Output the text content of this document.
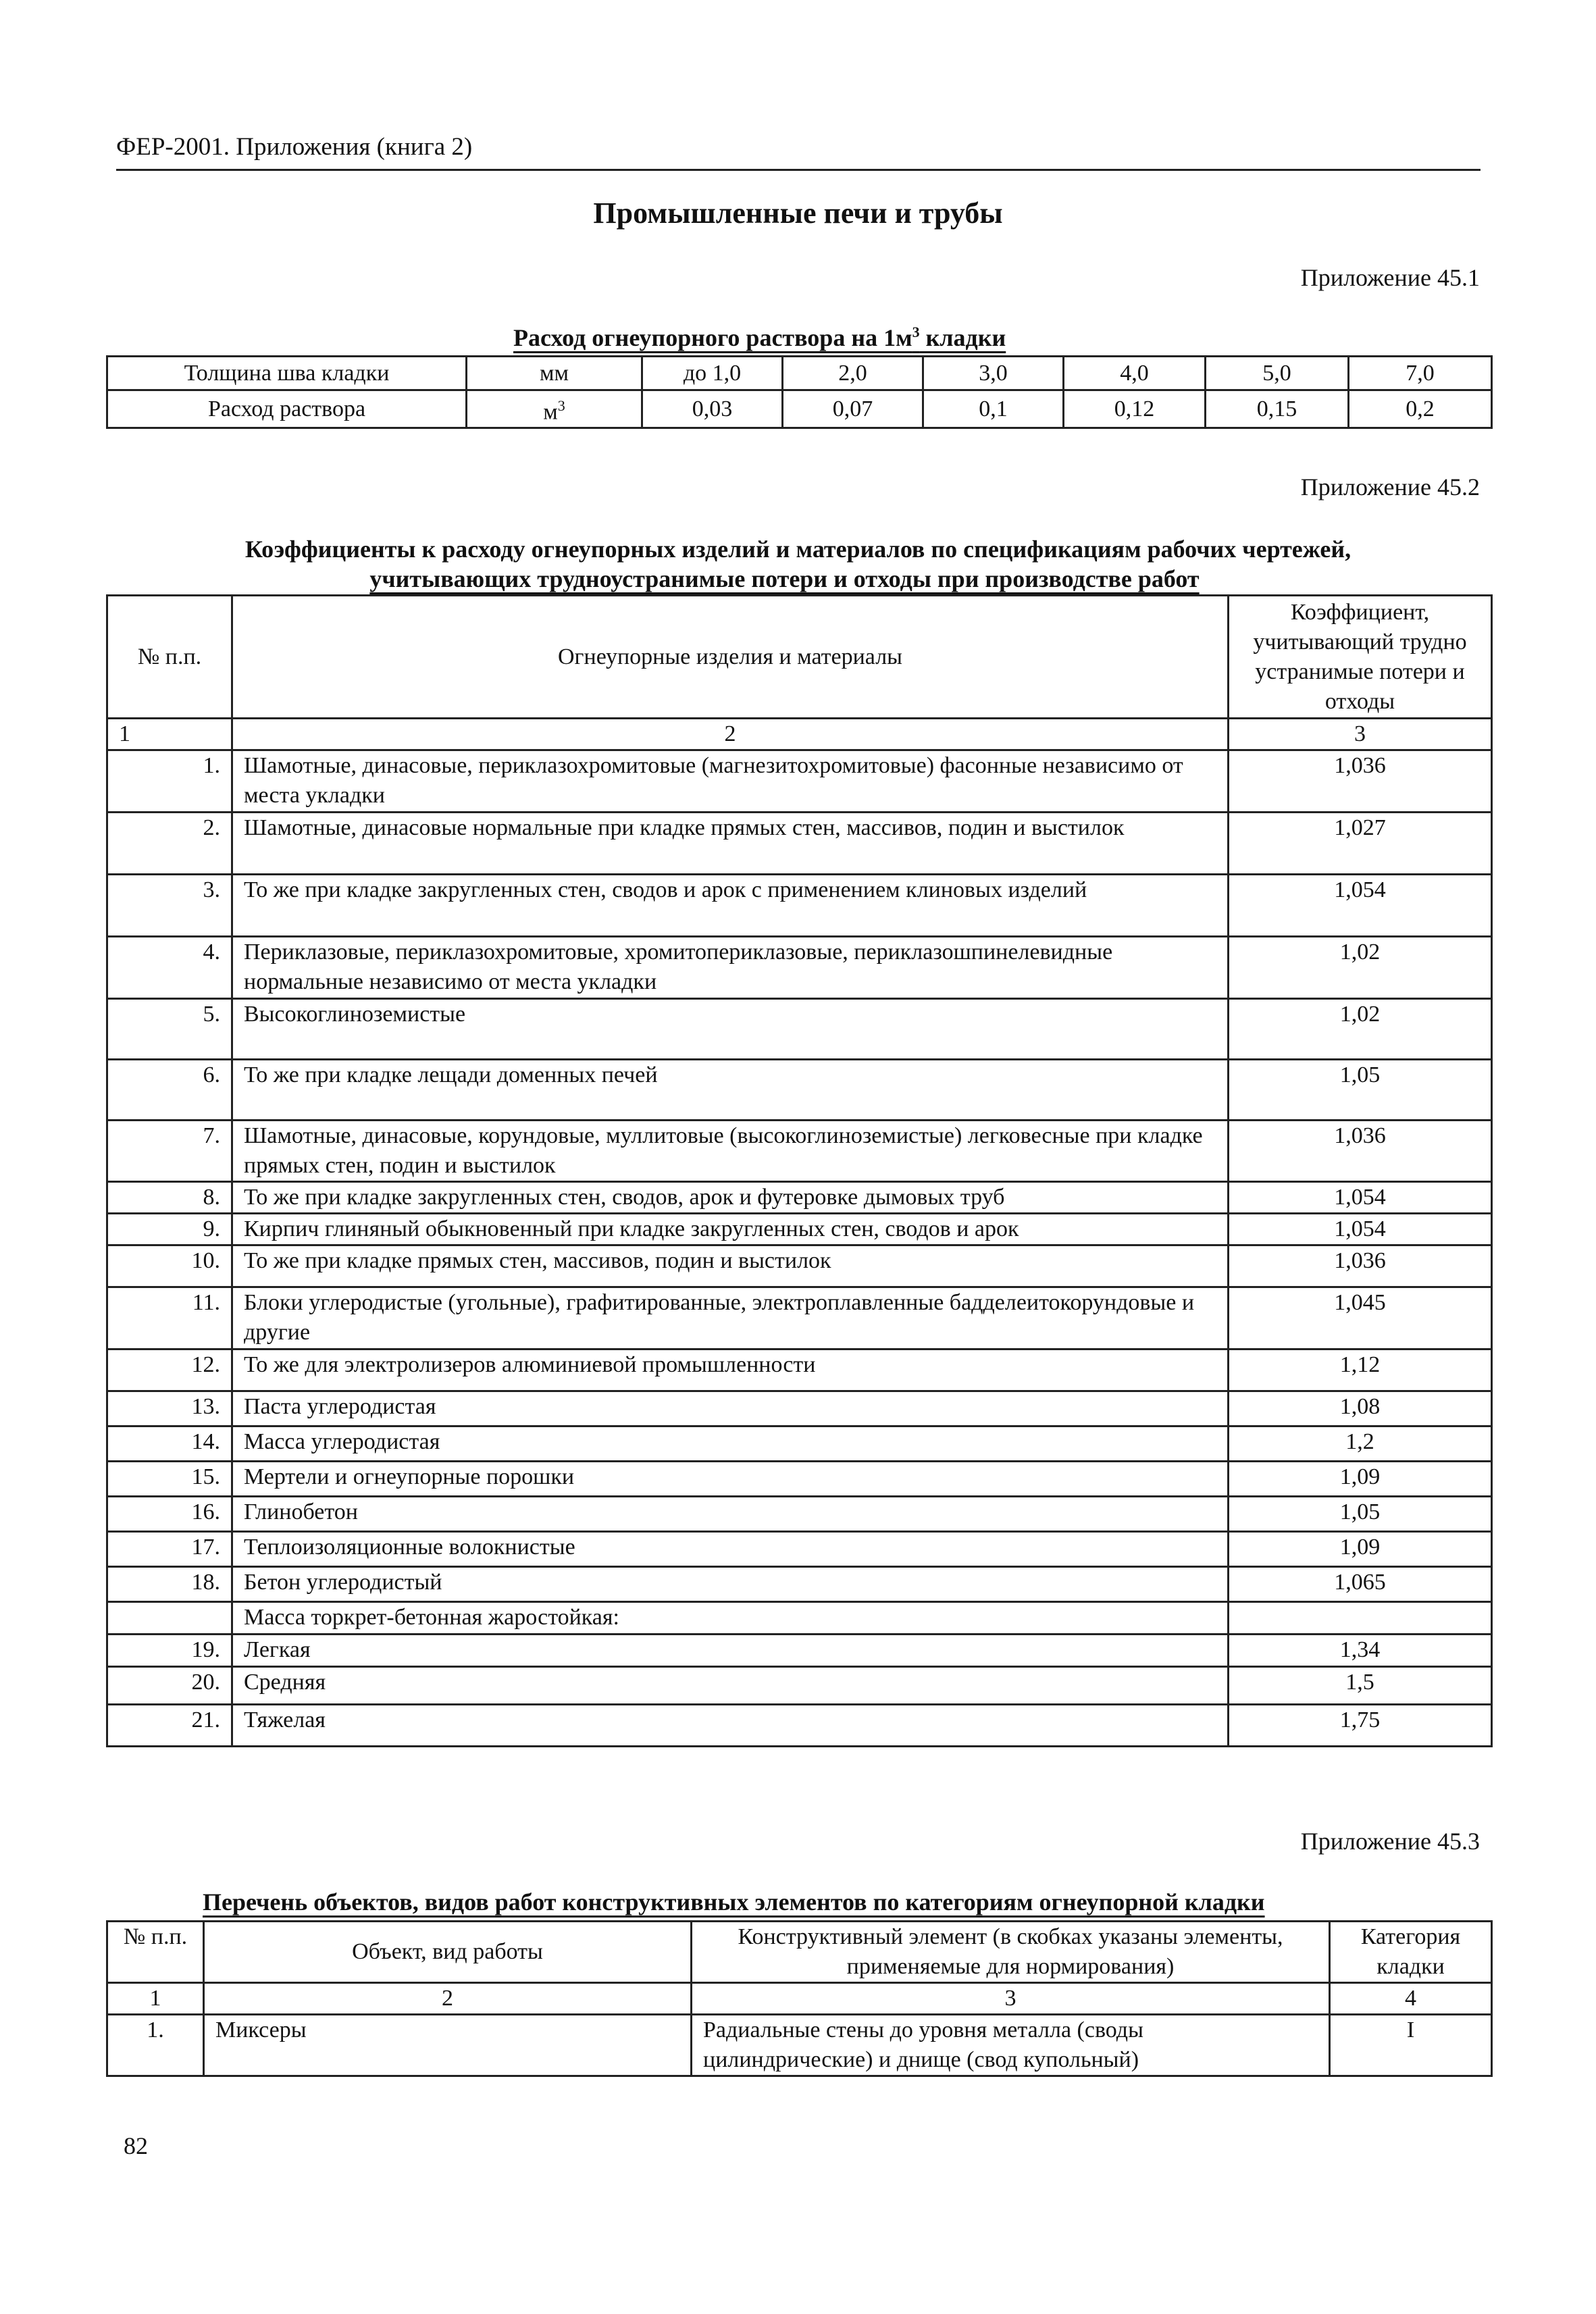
ФЕР-2001. Приложения (книга 2)
Промышленные печи и трубы
Приложение 45.1
Расход огнеупорного раствора на $1м^3$ кладки
Толщина шва кладки	мм	до 1,0	2,0	3,0	4,0	5,0	7,0
Расход раствора	$м^3$	0,03	0,07	0,1	0,12	0,15	0,2
Приложение 45.2
Коэффициенты к расходу огнеупорных изделий и материалов по спецификациям рабочих чертежей,
учитывающих трудноустранимые потери и отходы при производстве работ
№ п.п.	Огнеупорные изделия и материалы	Коэффициент, учитывающий трудно устранимые потери и отходы
1	2	3
1.	Шамотные, динасовые, периклазохромитовые (магнезитохромитовые) фасонные независимо от места укладки	1,036
2.	Шамотные, динасовые нормальные при кладке прямых стен, массивов, подин и выстилок	1,027
3.	То же при кладке закругленных стен, сводов и арок с применением клиновых изделий	1,054
4.	Периклазовые, периклазохромитовые, хромитопериклазовые, периклазошпинелевидные нормальные независимо от места укладки	1,02
5.	Высокоглиноземистые	1,02
6.	То же при кладке лещади доменных печей	1,05
7.	Шамотные, динасовые, корундовые, муллитовые (высокоглиноземистые) легковесные при кладке прямых стен, подин и выстилок	1,036
8.	То же при кладке закругленных стен, сводов, арок и футеровке дымовых труб	1,054
9.	Кирпич глиняный обыкновенный при кладке закругленных стен, сводов и арок	1,054
10.	То же при кладке прямых стен, массивов, подин и выстилок	1,036
11.	Блоки углеродистые (угольные), графитированные, электроплавленные бадделеитокорундовые и другие	1,045
12.	То же для электролизеров алюминиевой промышленности	1,12
13.	Паста углеродистая	1,08
14.	Масса углеродистая	1,2
15.	Мертели и огнеупорные порошки	1,09
16.	Глинобетон	1,05
17.	Теплоизоляционные волокнистые	1,09
18.	Бетон углеродистый	1,065
	Масса торкрет-бетонная жаростойкая:	
19.	Легкая	1,34
20.	Средняя	1,5
21.	Тяжелая	1,75
Приложение 45.3
Перечень объектов, видов работ конструктивных элементов по категориям огнеупорной кладки
№ п.п.	Объект, вид работы	Конструктивный элемент (в скобках указаны элементы, применяемые для нормирования)	Категория кладки
1	2	3	4
1.	Миксеры	Радиальные стены до уровня металла (своды цилиндрические) и днище (свод купольный)	I
82
